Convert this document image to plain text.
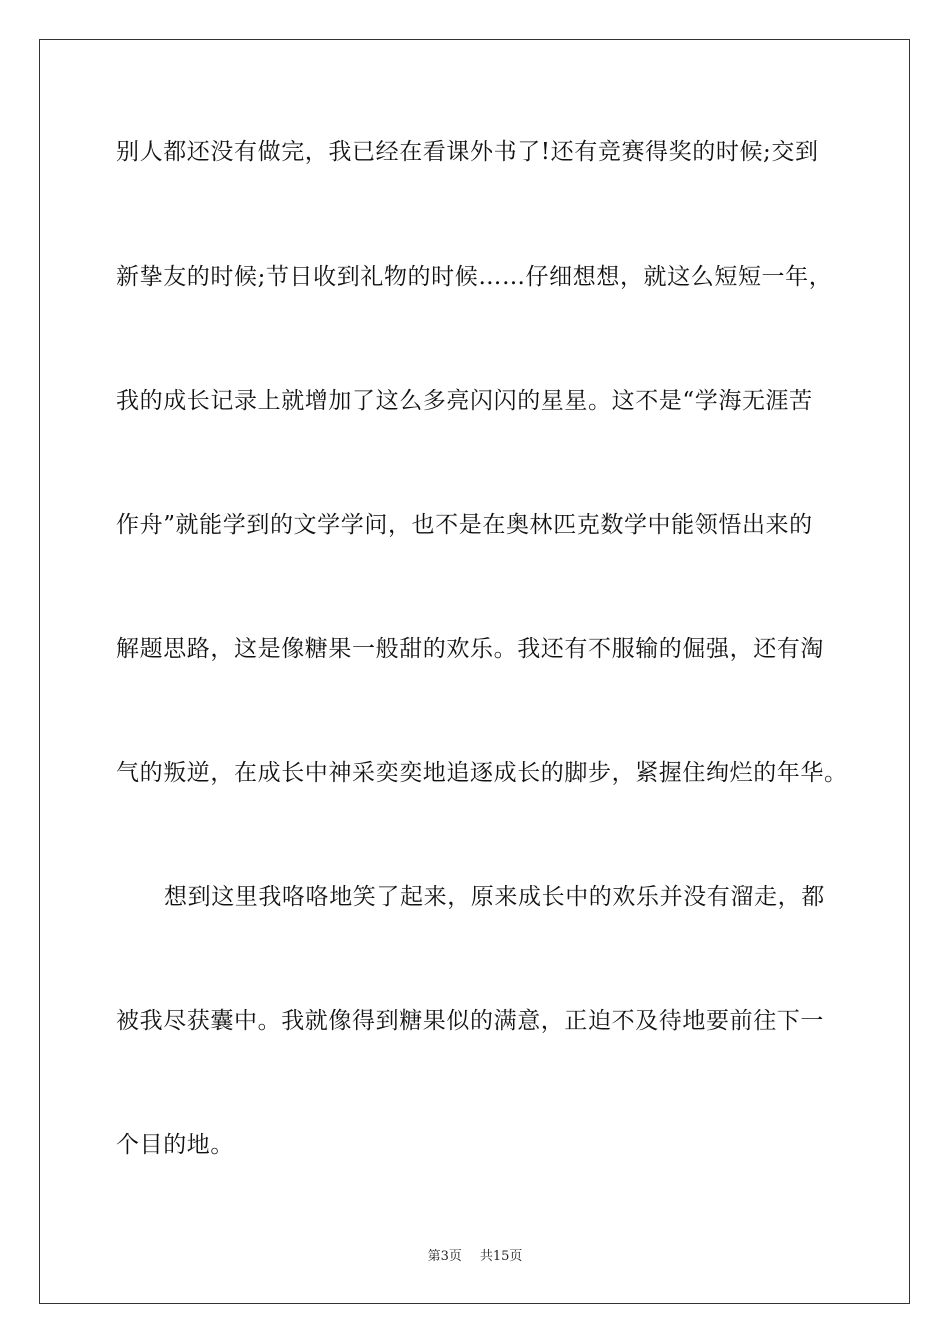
别人都还没有做完，我已经在看课外书了!还有竞赛得奖的时候;交到
新挚友的时候;节日收到礼物的时候……仔细想想，就这么短短一年，
我的成长记录上就增加了这么多亮闪闪的星星。这不是“学海无涯苦
作舟”就能学到的文学学问，也不是在奥林匹克数学中能领悟出来的
解题思路，这是像糖果一般甜的欢乐。我还有不服输的倔强，还有淘
气的叛逆，在成长中神采奕奕地追逐成长的脚步，紧握住绚烂的年华。
想到这里我咯咯地笑了起来，原来成长中的欢乐并没有溜走，都
被我尽获囊中。我就像得到糖果似的满意，正迫不及待地要前往下一
个目的地。
第3页 共15页
